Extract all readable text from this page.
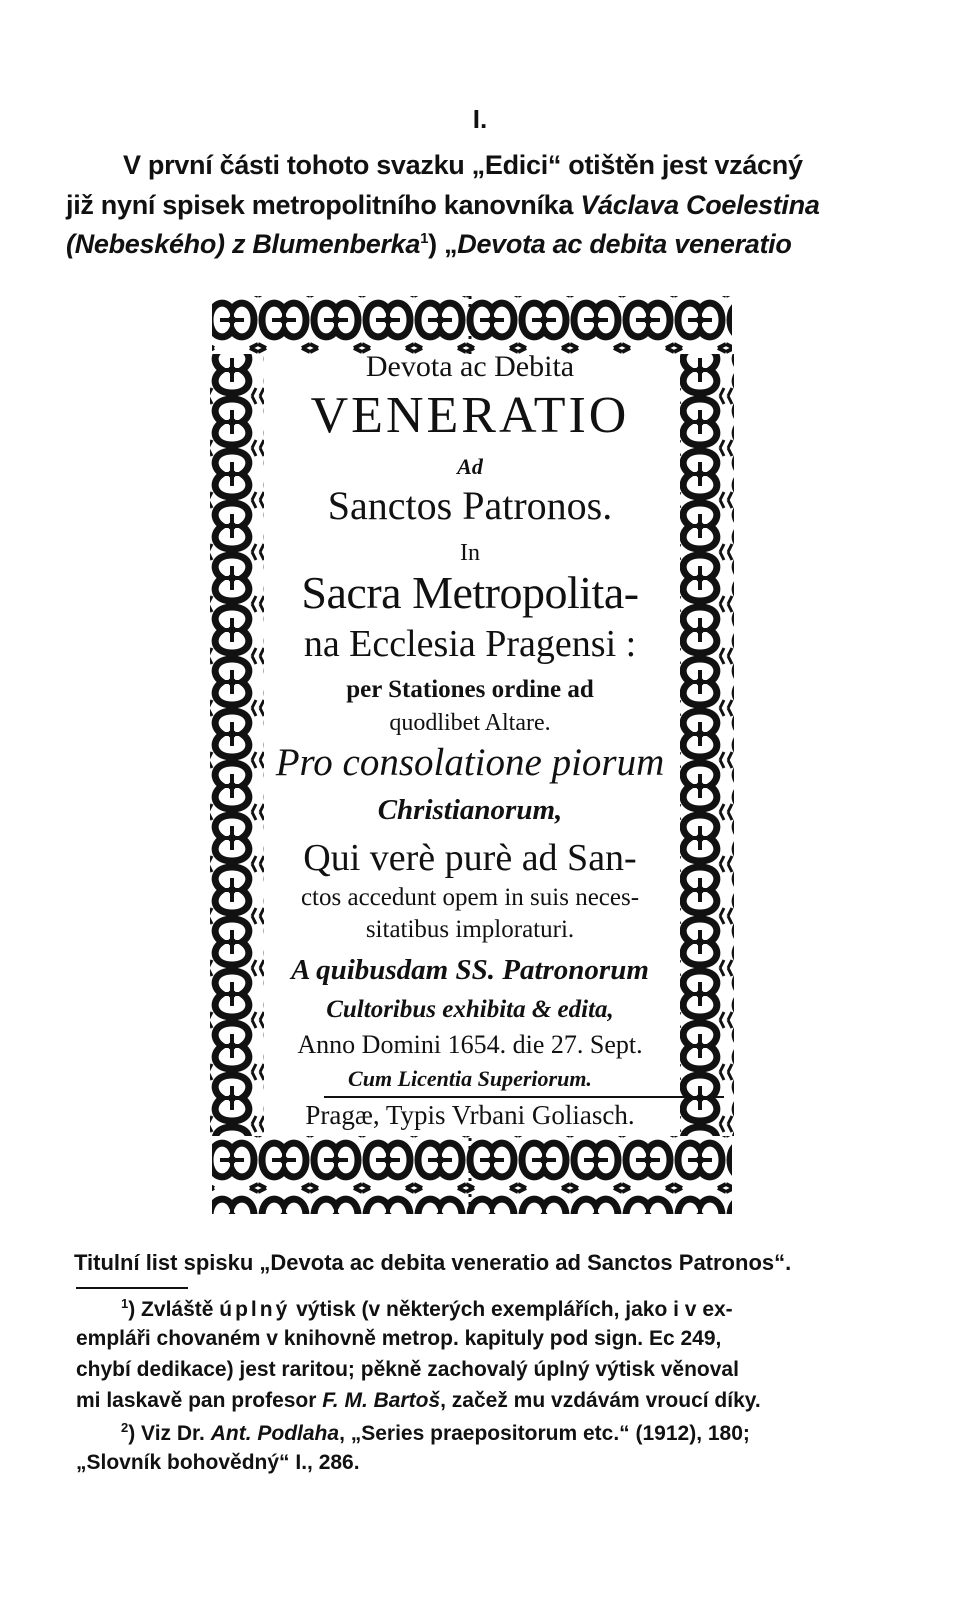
I.
V první části tohoto svazku „Edici“ otištěn jest vzácný
již nyní spisek metropolitního kanovníka Václava Coelestina
(Nebeského) z Blumenberka$^1$) „Devota ac debita veneratio
Devota ac Debita
VENERATIO
Ad
Sanctos Patronos.
In
Sacra Metropolita-
na Ecclesia Pragensi :
per Stationes ordine ad
quodlibet Altare.
Pro consolatione piorum
Christianorum,
Qui verè purè ad San-
ctos accedunt opem in suis neces-
sitatibus imploraturi.
A quibusdam SS. Patronorum
Cultoribus exhibita & edita,
Anno Domini 1654. die 27. Sept.
Cum Licentia Superiorum.
Pragæ, Typis Vrbani Goliasch.
Titulní list spisku „Devota ac debita veneratio ad Sanctos Patronos“.
$^1$) Zvláště úplný výtisk (v některých exemplářích, jako i v ex-
empláři chovaném v knihovně metrop. kapituly pod sign. Ec 249,
chybí dedikace) jest raritou; pěkně zachovalý úplný výtisk věnoval
mi laskavě pan profesor F. M. Bartoš, začež mu vzdávám vroucí díky.
$^2$) Viz Dr. Ant. Podlaha, „Series praepositorum etc.“ (1912), 180;
„Slovník bohovědný“ I., 286.
